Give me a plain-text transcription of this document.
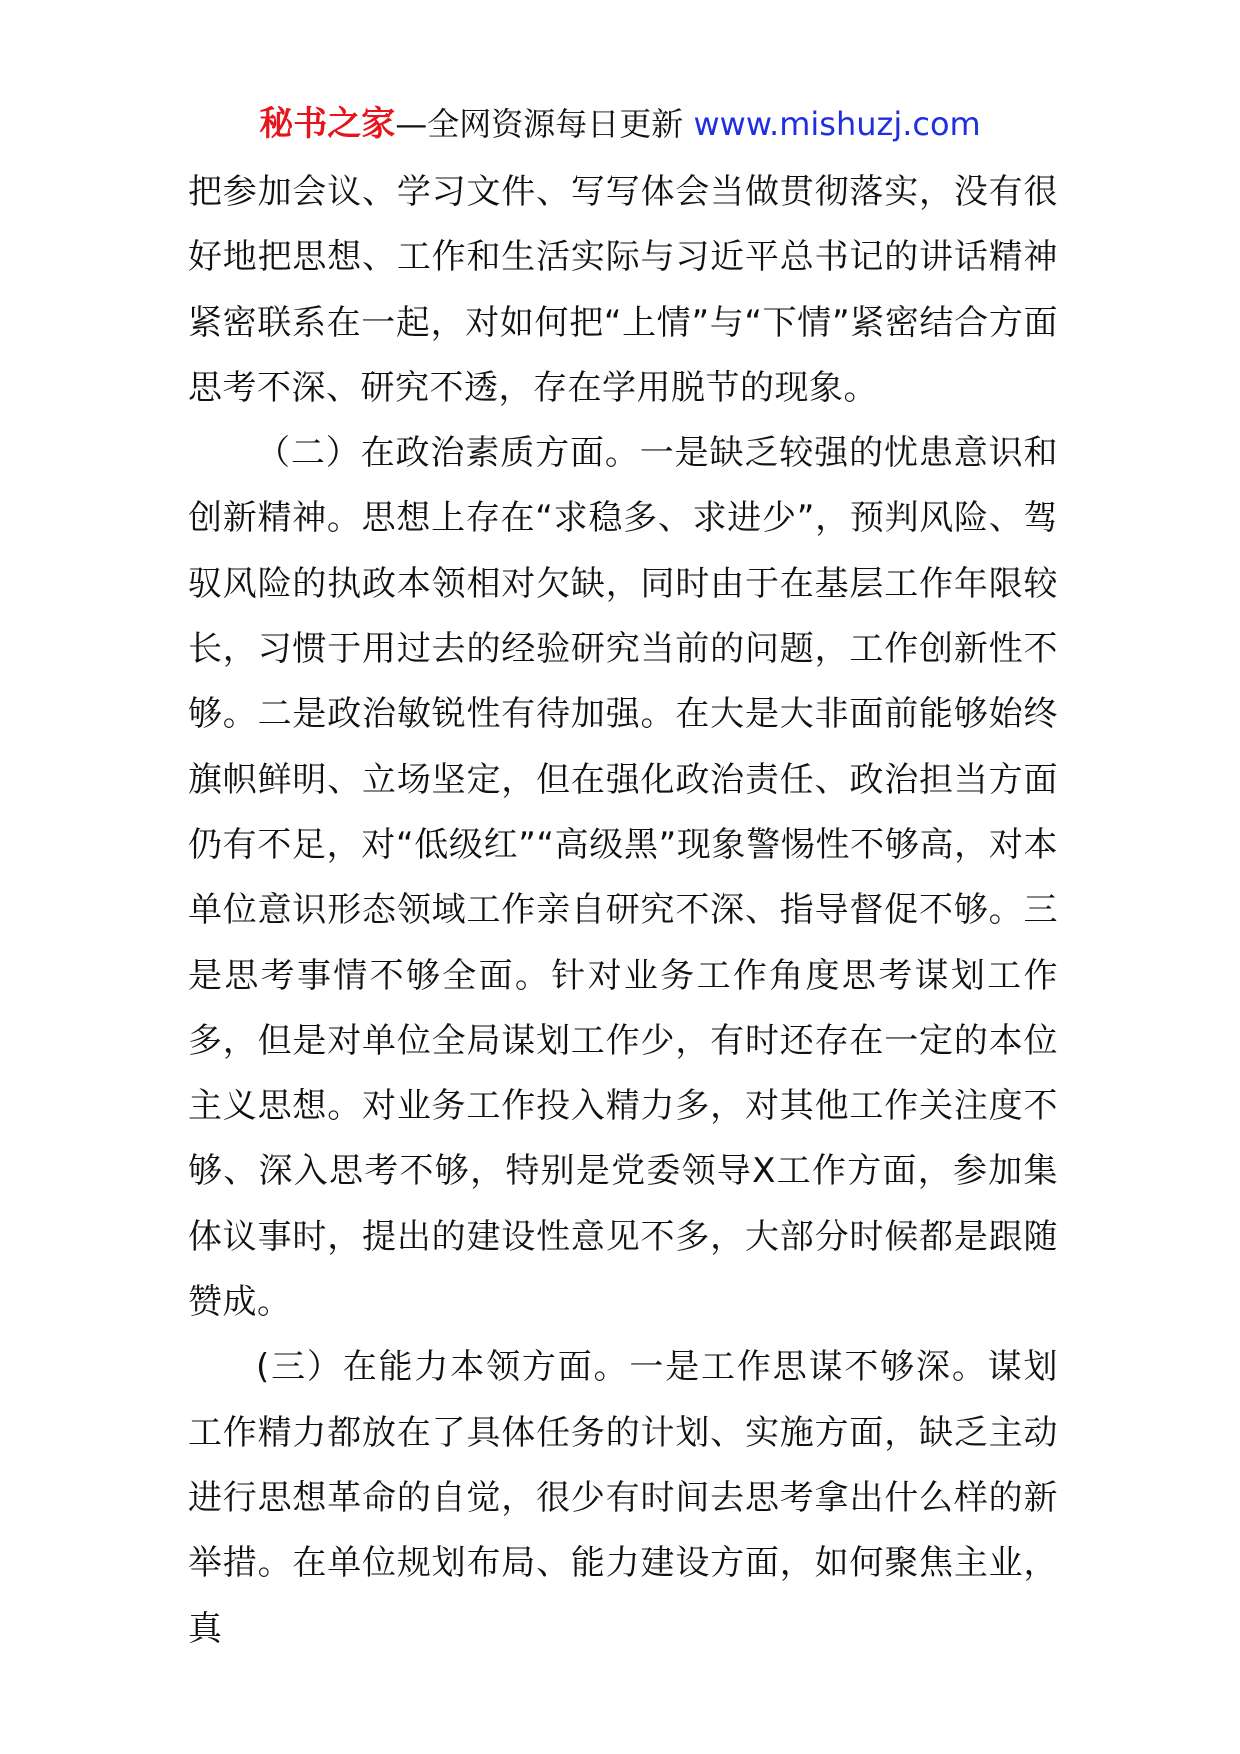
秘书之家—全网资源每日更新 www.mishuzj.com

把参加会议、学习文件、写写体会当做贯彻落实，没有很好地把思想、工作和生活实际与习近平总书记的讲话精神紧密联系在一起，对如何把“上情”与“下情”紧密结合方面思考不深、研究不透，存在学用脱节的现象。

（二）在政治素质方面。一是缺乏较强的忧患意识和创新精神。思想上存在“求稳多、求进少”，预判风险、驾驭风险的执政本领相对欠缺，同时由于在基层工作年限较长，习惯于用过去的经验研究当前的问题，工作创新性不够。二是政治敏锐性有待加强。在大是大非面前能够始终旗帜鲜明、立场坚定，但在强化政治责任、政治担当方面仍有不足，对“低级红”“高级黑”现象警惕性不够高，对本单位意识形态领域工作亲自研究不深、指导督促不够。三是思考事情不够全面。针对业务工作角度思考谋划工作多，但是对单位全局谋划工作少，有时还存在一定的本位主义思想。对业务工作投入精力多，对其他工作关注度不够、深入思考不够，特别是党委领导X工作方面，参加集体议事时，提出的建设性意见不多，大部分时候都是跟随赞成。

(三）在能力本领方面。一是工作思谋不够深。谋划工作精力都放在了具体任务的计划、实施方面，缺乏主动进行思想革命的自觉，很少有时间去思考拿出什么样的新举措。在单位规划布局、能力建设方面，如何聚焦主业，真
